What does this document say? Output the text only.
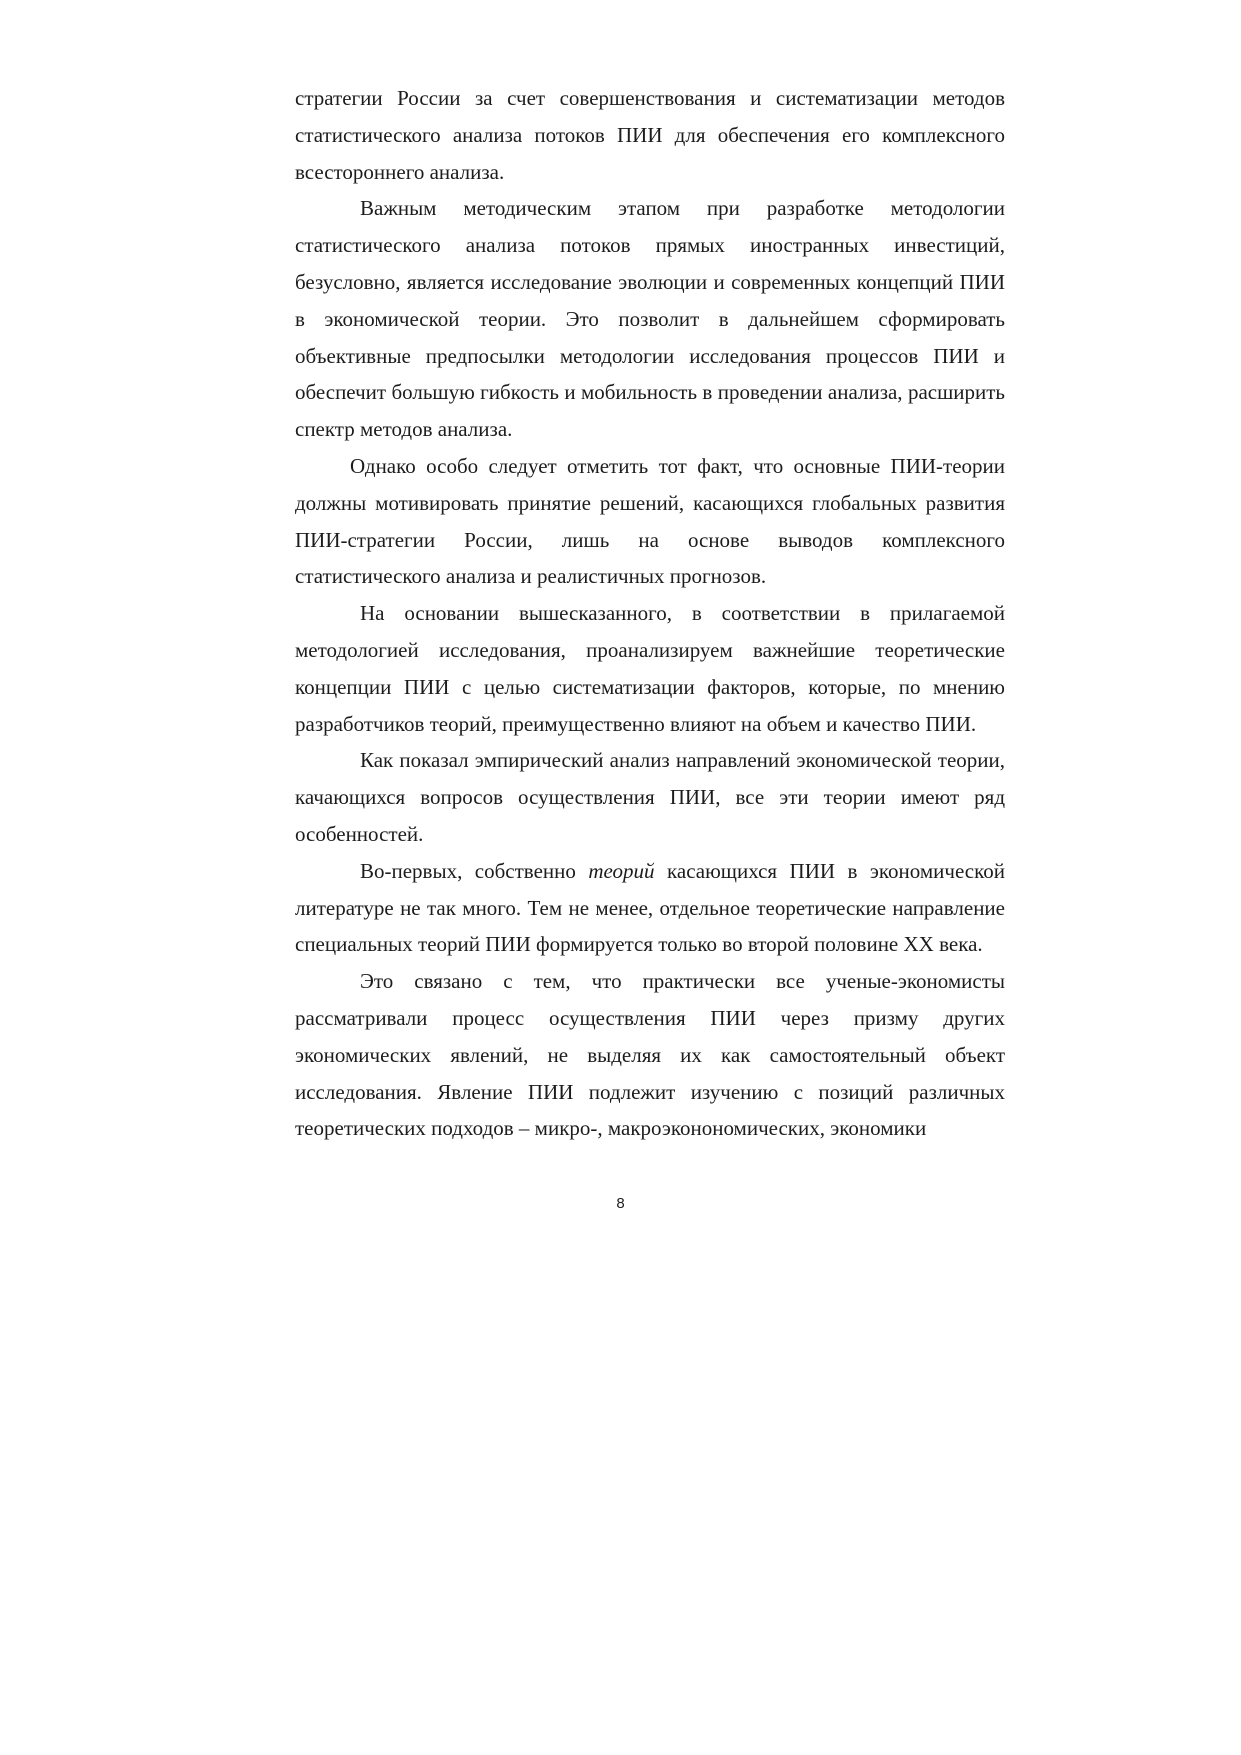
стратегии России за счет совершенствования и систематизации методов статистического анализа потоков ПИИ для обеспечения его комплексного всестороннего анализа.

Важным методическим этапом при разработке методологии статистического анализа потоков прямых иностранных инвестиций, безусловно, является исследование эволюции и современных концепций ПИИ в экономической теории. Это позволит в дальнейшем сформировать объективные предпосылки методологии исследования процессов ПИИ и обеспечит большую гибкость и мобильность в проведении анализа, расширить спектр методов анализа.

Однако особо следует отметить тот факт, что основные ПИИ-теории должны мотивировать принятие решений, касающихся глобальных развития ПИИ-стратегии России, лишь на основе выводов комплексного статистического анализа и реалистичных прогнозов.

На основании вышесказанного, в соответствии в прилагаемой методологией исследования, проанализируем важнейшие теоретические концепции ПИИ с целью систематизации факторов, которые, по мнению разработчиков теорий, преимущественно влияют на объем и качество ПИИ.

Как показал эмпирический анализ направлений экономической теории, качающихся вопросов осуществления ПИИ, все эти теории имеют ряд особенностей.

Во-первых, собственно теорий касающихся ПИИ в экономической литературе не так много. Тем не менее, отдельное теоретические направление специальных теорий ПИИ формируется только во второй половине XX века.

Это связано с тем, что практически все ученые-экономисты рассматривали процесс осуществления ПИИ через призму других экономических явлений, не выделяя их как самостоятельный объект исследования. Явление ПИИ подлежит изучению с позиций различных теоретических подходов – микро-, макроэконономических, экономики

8
